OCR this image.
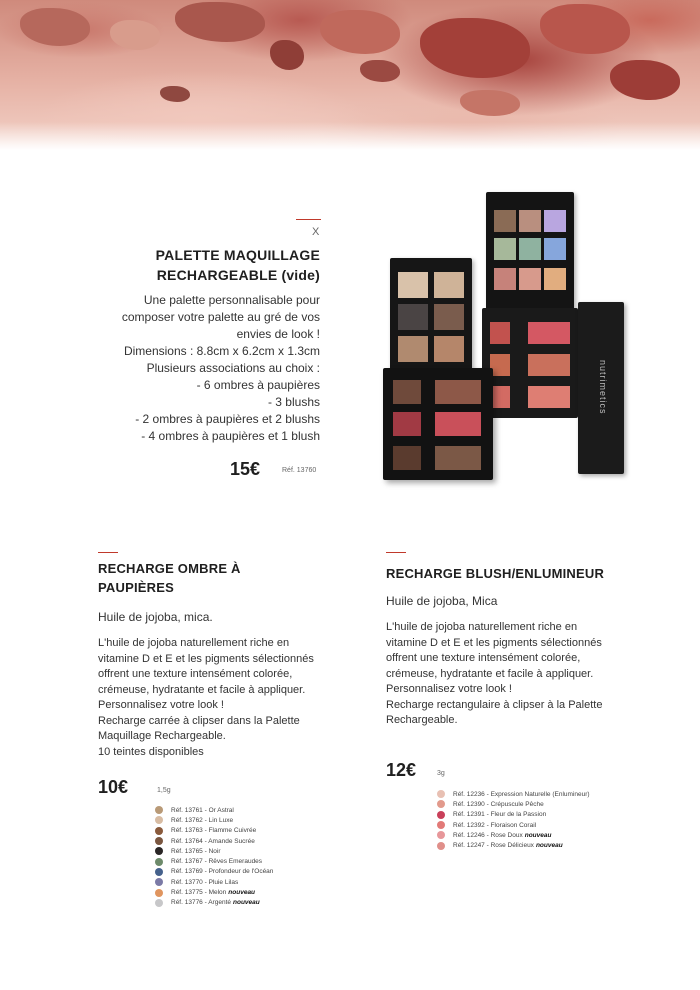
X
PALETTE MAQUILLAGE
RECHARGEABLE (vide)
Une palette personnalisable pour
composer votre palette au gré de vos
envies de look !
Dimensions : 8.8cm x 6.2cm x 1.3cm
Plusieurs associations au choix :
- 6 ombres à paupières
- 3 blushs
- 2 ombres à paupières et 2 blushs
- 4 ombres à paupières et 1 blush
15€	Réf. 13760
nutrimetics
RECHARGE OMBRE À
PAUPIÈRES
Huile de jojoba, mica.
L'huile de jojoba naturellement riche en
vitamine D et E et les pigments sélectionnés
offrent une texture intensément colorée,
crémeuse, hydratante et facile à appliquer.
Personnalisez votre look !
Recharge carrée à clipser dans la Palette
Maquillage Rechargeable.
10 teintes disponibles
10€	1,5g
Réf. 13761 - Or Astral
Réf. 13762 - Lin Luxe
Réf. 13763 - Flamme Cuivrée
Réf. 13764 - Amande Sucrée
Réf. 13765 - Noir
Réf. 13767 - Rêves Emeraudes
Réf. 13769 - Profondeur de l'Océan
Réf. 13770 - Pluie Lilas
Réf. 13775 - Melon nouveau
Réf. 13776 - Argenté nouveau
RECHARGE BLUSH/ENLUMINEUR
Huile de jojoba, Mica
L'huile de jojoba naturellement riche en
vitamine D et E et les pigments sélectionnés
offrent une texture intensément colorée,
crémeuse, hydratante et facile à appliquer.
Personnalisez votre look !
Recharge rectangulaire à clipser à la Palette
Rechargeable.
12€	3g
Réf. 12236 - Expression Naturelle (Enlumineur)
Réf. 12390 - Crépuscule Pêche
Réf. 12391 - Fleur de la Passion
Réf. 12392 - Floraison Corail
Réf. 12246 - Rose Doux nouveau
Réf. 12247 - Rose Délicieux nouveau
